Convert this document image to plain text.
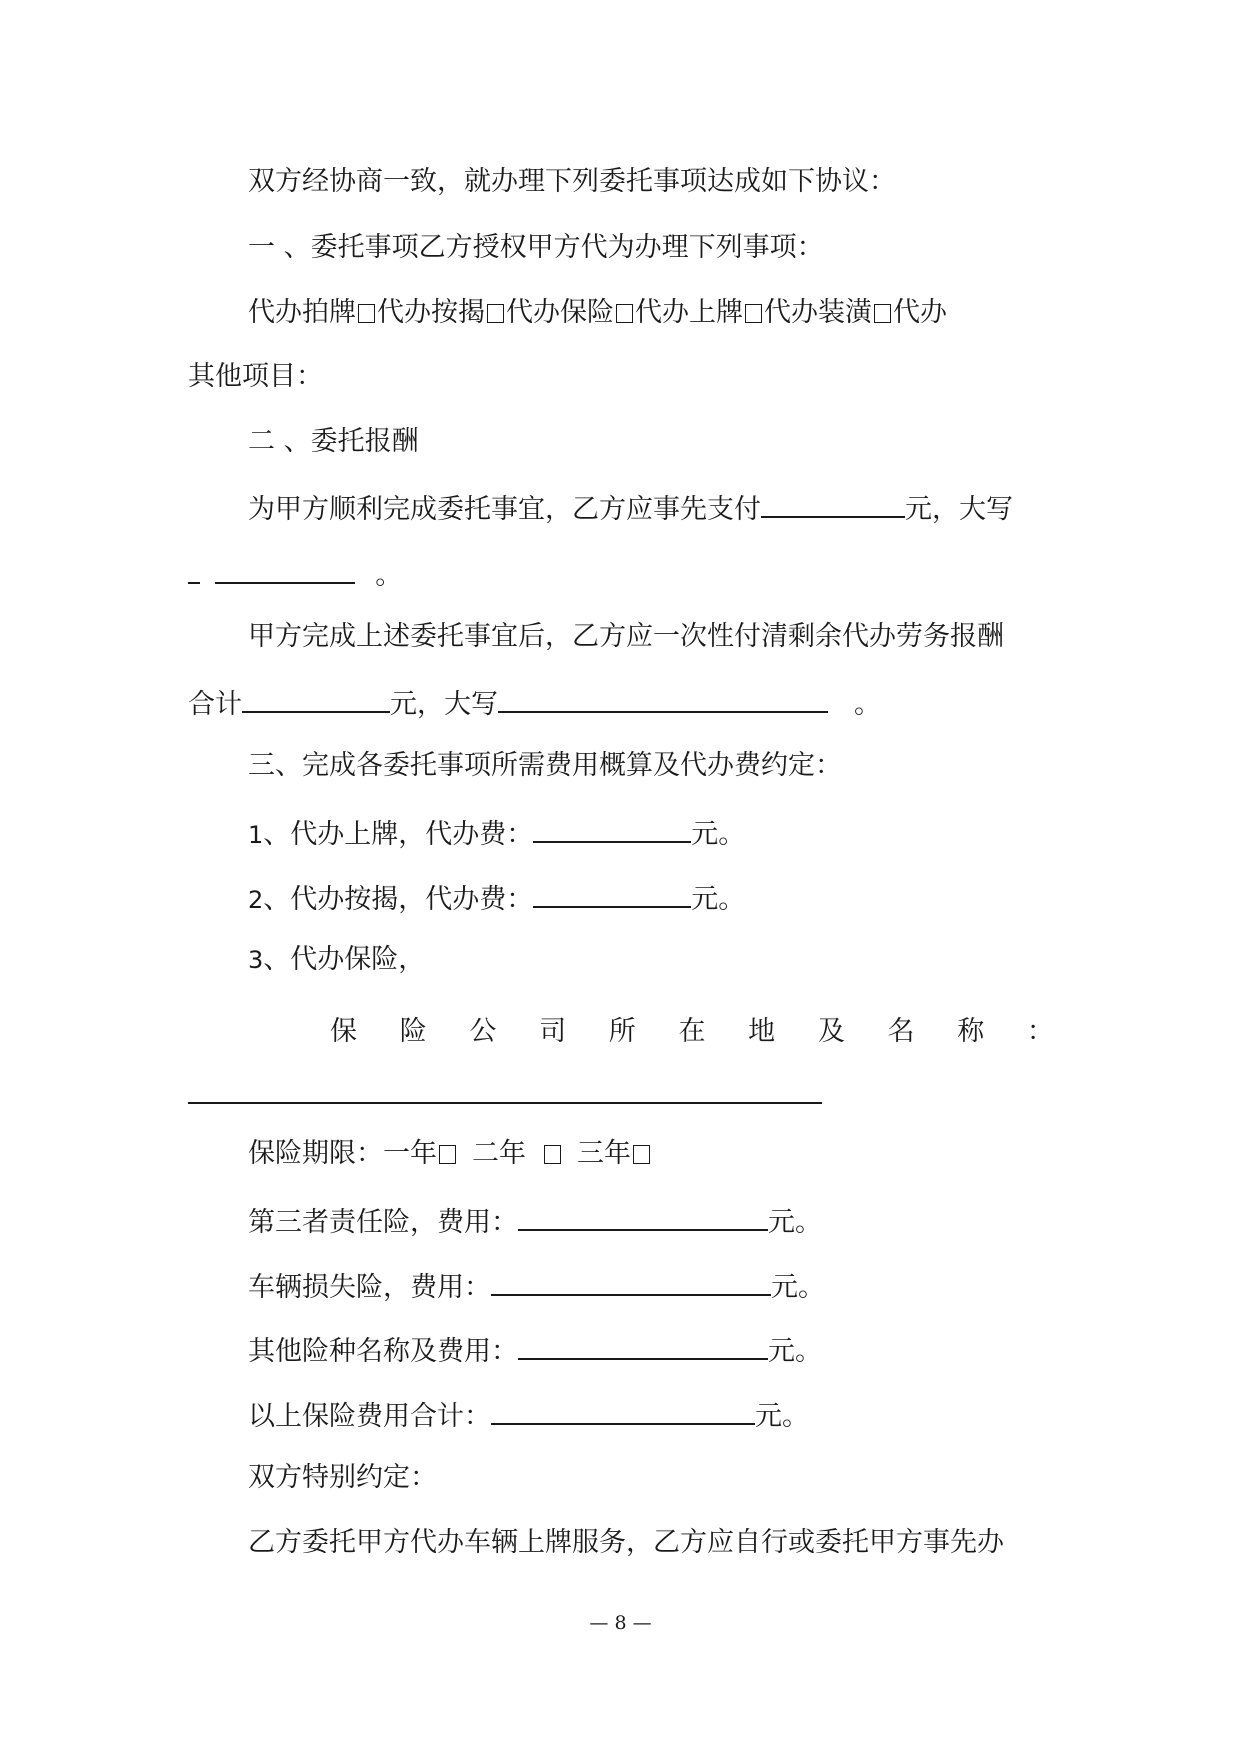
双方经协商一致，就办理下列委托事项达成如下协议：
一 、委托事项乙方授权甲方代为办理下列事项：
代办拍牌 代办按揭 代办保险 代办上牌 代办装潢 代办
其他项目：
二 、委托报酬
为甲方顺利完成委托事宜，乙方应事先支付	元，大写
。
甲方完成上述委托事宜后，乙方应一次性付清剩余代办劳务报酬
合计	元，大写	。
三、完成各委托事项所需费用概算及代办费约定：
1、代办上牌，代办费：	元。
2、代办按揭，代办费：	元。
3、代办保险，
保 险 公 司 所 在 地 及 名 称 ：
保险期限：一年 二年 三年
第三者责任险，费用：	元。
车辆损失险，费用：	元。
其他险种名称及费用：	元。
以上保险费用合计：	元。
双方特别约定：
乙方委托甲方代办车辆上牌服务，乙方应自行或委托甲方事先办
— 8 —
